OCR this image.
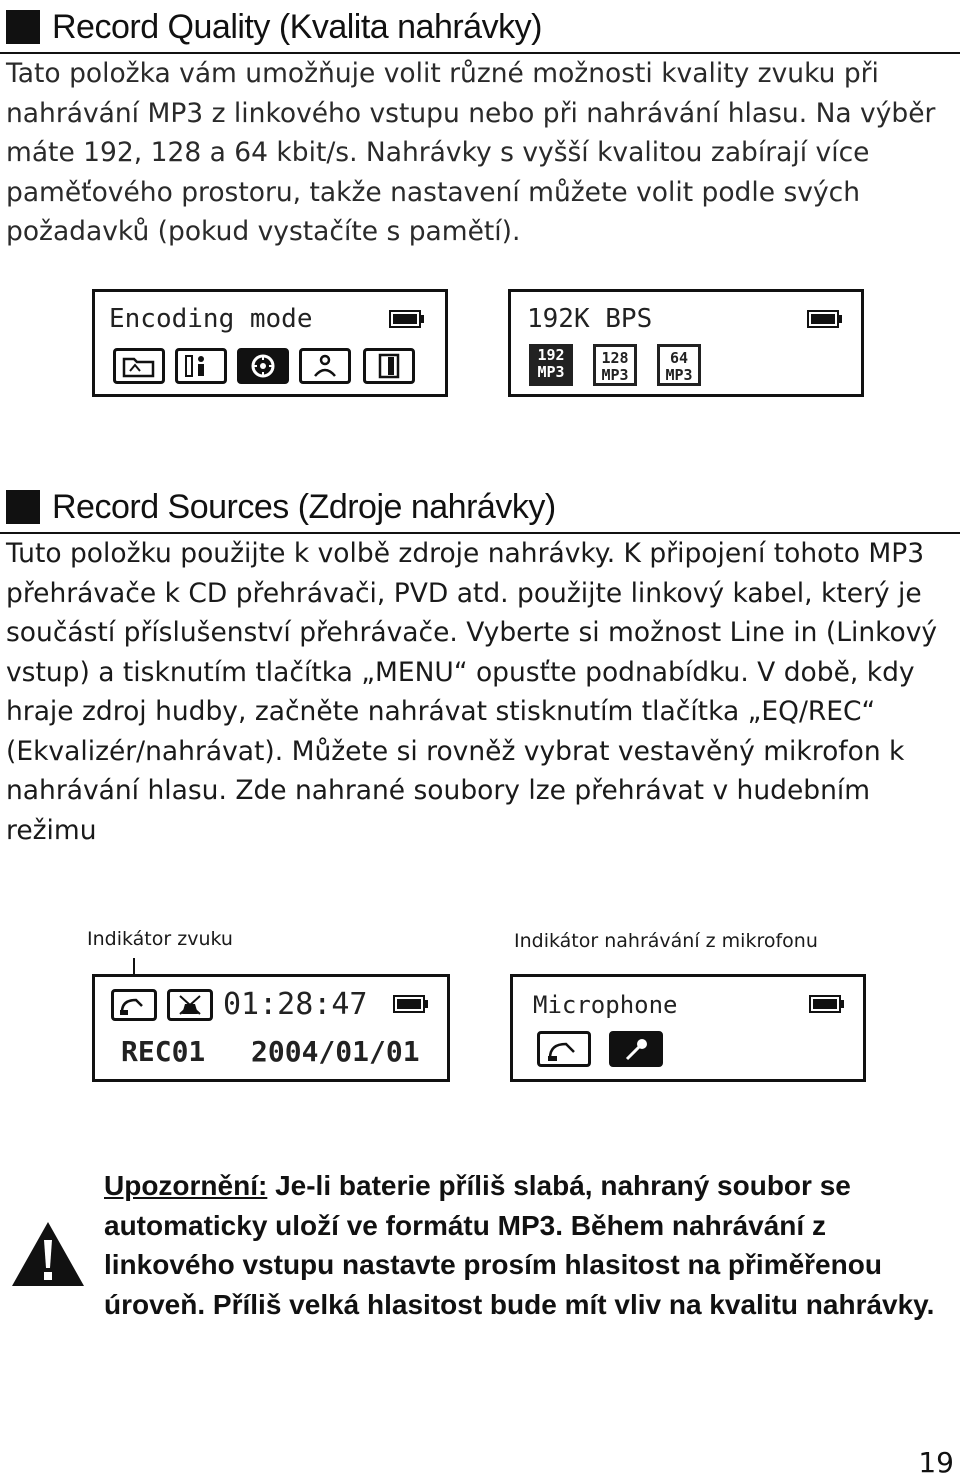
Record Quality (Kvalita nahrávky)

Tato položka vám umožňuje volit různé možnosti kvality zvuku při nahrávání MP3 z linkového vstupu nebo při nahrávání hlasu. Na výběr máte 192, 128 a 64 kbit/s. Nahrávky s vyšší kvalitou zabírají více paměťového prostoru, takže nastavení můžete volit podle svých požadavků (pokud vystačíte s pamětí).

Encoding mode	192K BPS
192
MP3
128
MP3
64
MP3
Record Sources (Zdroje nahrávky)

Tuto položku použijte k volbě zdroje nahrávky. K připojení tohoto MP3 přehrávače k CD přehrávači, PVD atd. použijte linkový kabel, který je součástí příslušenství přehrávače. Vyberte si možnost Line in (Linkový vstup) a tisknutím tlačítka „MENU“ opusťte podnabídku. V době, kdy hraje zdroj hudby, začněte nahrávat stisknutím tlačítka „EQ/REC“ (Ekvalizér/nahrávat). Můžete si rovněž vybrat vestavěný mikrofon k nahrávání hlasu. Zde nahrané soubory lze přehrávat v hudebním režimu

Indikátor zvuku	Indikátor nahrávání z mikrofonu
01:28:47
REC01 2004/01/01
Microphone

Upozornění: Je-li baterie příliš slabá, nahraný soubor se automaticky uloží ve formátu MP3. Během nahrávání z linkového vstupu nastavte prosím hlasitost na přiměřenou úroveň. Příliš velká hlasitost bude mít vliv na kvalitu nahrávky.

19
